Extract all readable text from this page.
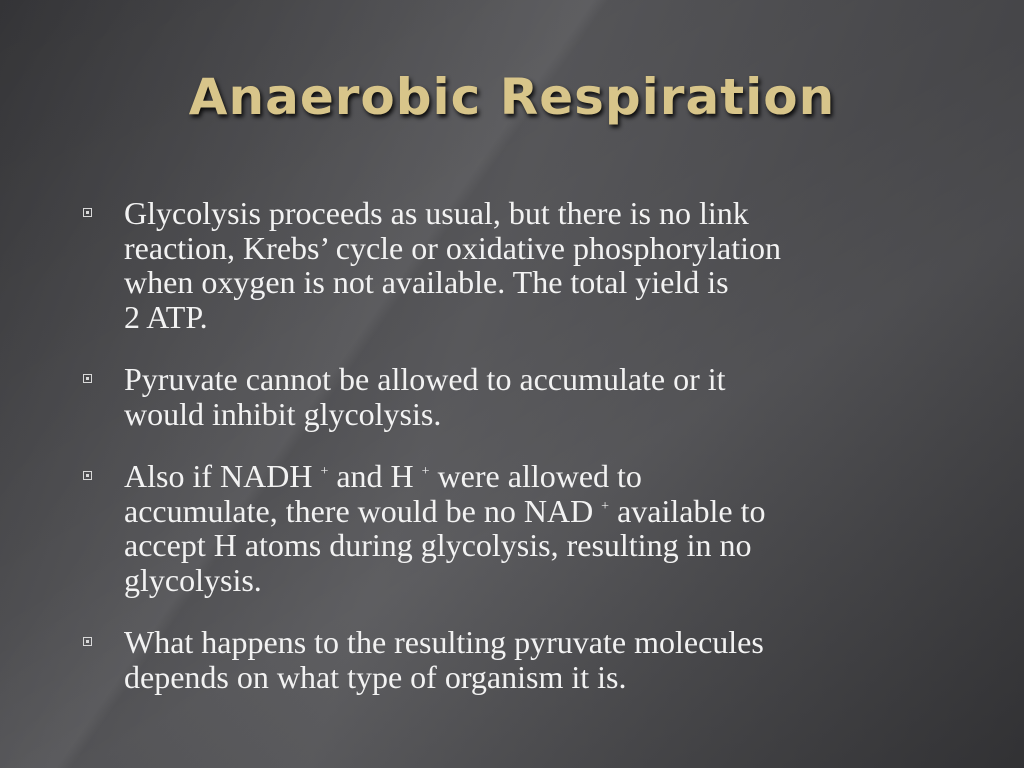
Anaerobic Respiration
Glycolysis proceeds as usual, but there is no link
reaction, Krebs’ cycle or oxidative phosphorylation
when oxygen is not available. The total yield is
2 ATP.
Pyruvate cannot be allowed to accumulate or it
would inhibit glycolysis.
Also if NADH + and H + were allowed to
accumulate, there would be no NAD + available to
accept H atoms during glycolysis, resulting in no
glycolysis.
What happens to the resulting pyruvate molecules
depends on what type of organism it is.
